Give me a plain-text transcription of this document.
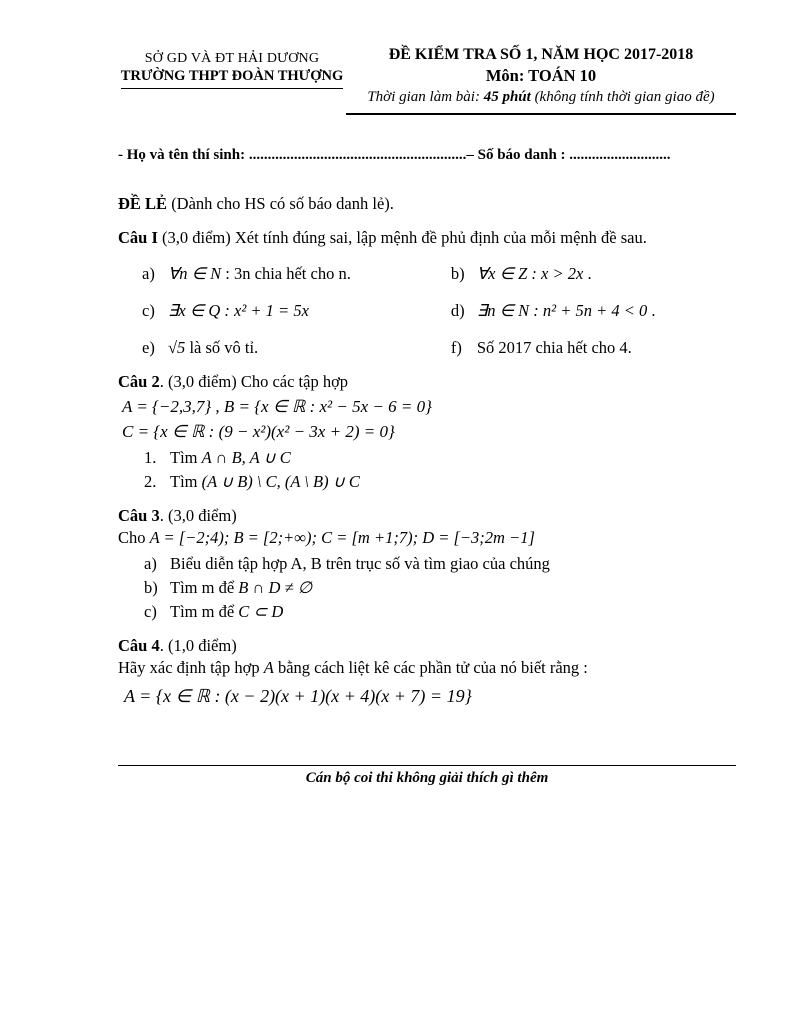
SỞ GD VÀ ĐT HẢI DƯƠNG
TRƯỜNG THPT ĐOÀN THƯỢNG
ĐỀ KIỂM TRA SỐ 1, NĂM HỌC 2017-2018
Môn: TOÁN 10
Thời gian làm bài: 45 phút (không tính thời gian giao đề)
- Họ và tên thí sinh: ..........................................................– Số báo danh : ...........................
ĐỀ LẺ (Dành cho HS có số báo danh lẻ).
Câu I (3,0 điểm) Xét tính đúng sai, lập mệnh đề phủ định của mỗi mệnh đề sau.
a) ∀n ∈ N : 3n chia hết cho n.	b) ∀x ∈ Z : x > 2x .
c) ∃x ∈ Q : x² + 1 = 5x	d) ∃n ∈ N : n² + 5n + 4 < 0 .
e) √5 là số vô tỉ.	f) Số 2017 chia hết cho 4.
Câu 2. (3,0 điểm) Cho các tập hợp
A = {−2,3,7} , B = {x ∈ ℝ : x² − 5x − 6 = 0}
C = {x ∈ ℝ : (9 − x²)(x² − 3x + 2) = 0}
1. Tìm A ∩ B, A ∪ C
2. Tìm (A ∪ B) \ C, (A \ B) ∪ C
Câu 3. (3,0 điểm)
Cho A = [−2;4); B = [2;+∞); C = [m +1;7); D = [−3;2m −1]
a) Biểu diễn tập hợp A, B trên trục số và tìm giao của chúng
b) Tìm m để B ∩ D ≠ ∅
c) Tìm m để C ⊂ D
Câu 4. (1,0 điểm)
Hãy xác định tập hợp A bằng cách liệt kê các phần tử của nó biết rằng :
A = {x ∈ ℝ : (x − 2)(x + 1)(x + 4)(x + 7) = 19}
Cán bộ coi thi không giải thích gì thêm
